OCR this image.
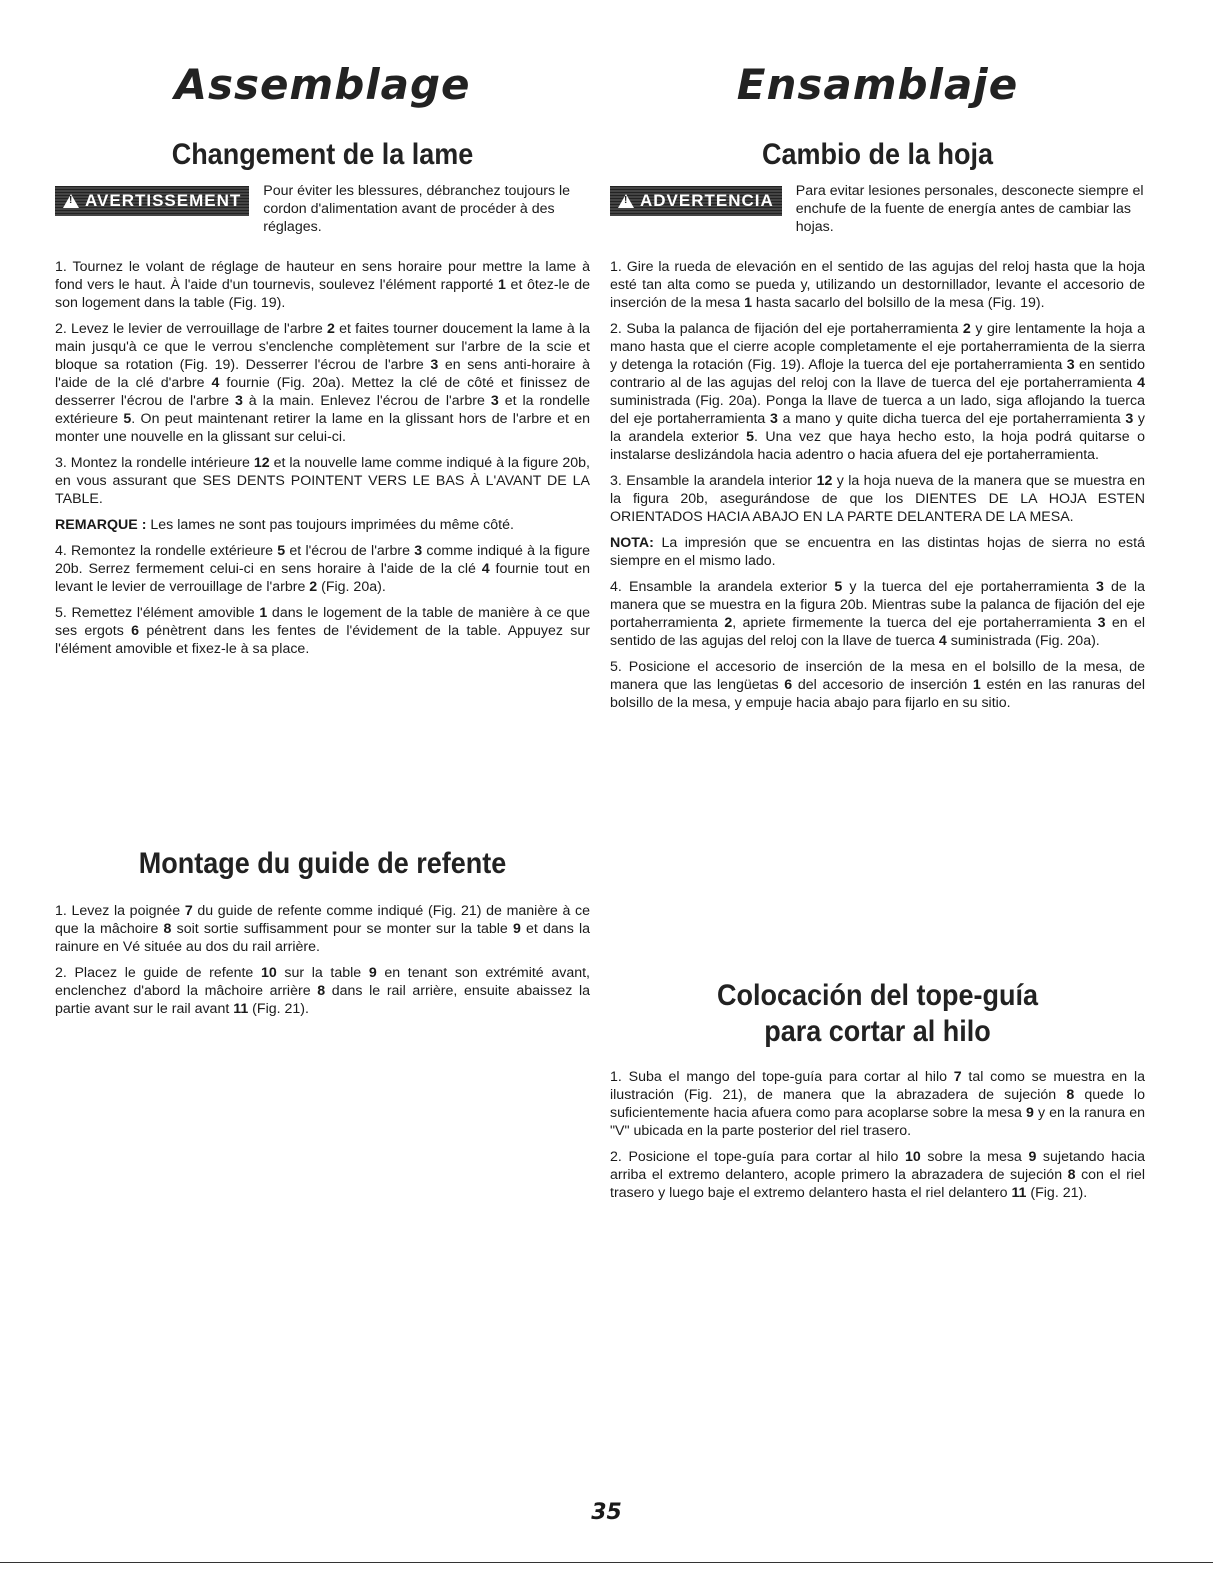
Assemblage
Changement de la lame
!
AVERTISSEMENT Pour éviter les blessures, débranchez toujours le cordon d'alimentation avant de procéder à des réglages.

1. Tournez le volant de réglage de hauteur en sens horaire pour mettre la lame à fond vers le haut. À l'aide d'un tournevis, soulevez l'élément rapporté 1 et ôtez-le de son logement dans la table (Fig. 19).

2. Levez le levier de verrouillage de l'arbre 2 et faites tourner doucement la lame à la main jusqu'à ce que le verrou s'enclenche complètement sur l'arbre de la scie et bloque sa rotation (Fig. 19). Desserrer l'écrou de l'arbre 3 en sens anti-horaire à l'aide de la clé d'arbre 4 fournie (Fig. 20a). Mettez la clé de côté et finissez de desserrer l'écrou de l'arbre 3 à la main. Enlevez l'écrou de l'arbre 3 et la rondelle extérieure 5. On peut maintenant retirer la lame en la glissant hors de l'arbre et en monter une nouvelle en la glissant sur celui-ci.

3. Montez la rondelle intérieure 12 et la nouvelle lame comme indiqué à la figure 20b, en vous assurant que SES DENTS POINTENT VERS LE BAS À L'AVANT DE LA TABLE.

REMARQUE : Les lames ne sont pas toujours imprimées du même côté.

4. Remontez la rondelle extérieure 5 et l'écrou de l'arbre 3 comme indiqué à la figure 20b. Serrez fermement celui-ci en sens horaire à l'aide de la clé 4 fournie tout en levant le levier de verrouillage de l'arbre 2 (Fig. 20a).

5. Remettez l'élément amovible 1 dans le logement de la table de manière à ce que ses ergots 6 pénètrent dans les fentes de l'évidement de la table. Appuyez sur l'élément amovible et fixez-le à sa place.

Montage du guide de refente

1. Levez la poignée 7 du guide de refente comme indiqué (Fig. 21) de manière à ce que la mâchoire 8 soit sortie suffisamment pour se monter sur la table 9 et dans la rainure en Vé située au dos du rail arrière.

2. Placez le guide de refente 10 sur la table 9 en tenant son extrémité avant, enclenchez d'abord la mâchoire arrière 8 dans le rail arrière, ensuite abaissez la partie avant sur le rail avant 11 (Fig. 21).

Ensamblaje
Cambio de la hoja
!
ADVERTENCIA Para evitar lesiones personales, desconecte siempre el enchufe de la fuente de energía antes de cambiar las hojas.

1. Gire la rueda de elevación en el sentido de las agujas del reloj hasta que la hoja esté tan alta como se pueda y, utilizando un destornillador, levante el accesorio de inserción de la mesa 1 hasta sacarlo del bolsillo de la mesa (Fig. 19).

2. Suba la palanca de fijación del eje portaherramienta 2 y gire lentamente la hoja a mano hasta que el cierre acople completamente el eje portaherramienta de la sierra y detenga la rotación (Fig. 19). Afloje la tuerca del eje portaherramienta 3 en sentido contrario al de las agujas del reloj con la llave de tuerca del eje portaherramienta 4 suministrada (Fig. 20a). Ponga la llave de tuerca a un lado, siga aflojando la tuerca del eje portaherramienta 3 a mano y quite dicha tuerca del eje portaherramienta 3 y la arandela exterior 5. Una vez que haya hecho esto, la hoja podrá quitarse o instalarse deslizándola hacia adentro o hacia afuera del eje portaherramienta.

3. Ensamble la arandela interior 12 y la hoja nueva de la manera que se muestra en la figura 20b, asegurándose de que los DIENTES DE LA HOJA ESTEN ORIENTADOS HACIA ABAJO EN LA PARTE DELANTERA DE LA MESA.

NOTA: La impresión que se encuentra en las distintas hojas de sierra no está siempre en el mismo lado.

4. Ensamble la arandela exterior 5 y la tuerca del eje portaherramienta 3 de la manera que se muestra en la figura 20b. Mientras sube la palanca de fijación del eje portaherramienta 2, apriete firmemente la tuerca del eje portaherramienta 3 en el sentido de las agujas del reloj con la llave de tuerca 4 suministrada (Fig. 20a).

5. Posicione el accesorio de inserción de la mesa en el bolsillo de la mesa, de manera que las lengüetas 6 del accesorio de inserción 1 estén en las ranuras del bolsillo de la mesa, y empuje hacia abajo para fijarlo en su sitio.

Colocación del tope-guía
para cortar al hilo

1. Suba el mango del tope-guía para cortar al hilo 7 tal como se muestra en la ilustración (Fig. 21), de manera que la abrazadera de sujeción 8 quede lo suficientemente hacia afuera como para acoplarse sobre la mesa 9 y en la ranura en "V" ubicada en la parte posterior del riel trasero.

2. Posicione el tope-guía para cortar al hilo 10 sobre la mesa 9 sujetando hacia arriba el extremo delantero, acople primero la abrazadera de sujeción 8 con el riel trasero y luego baje el extremo delantero hasta el riel delantero 11 (Fig. 21).

35
